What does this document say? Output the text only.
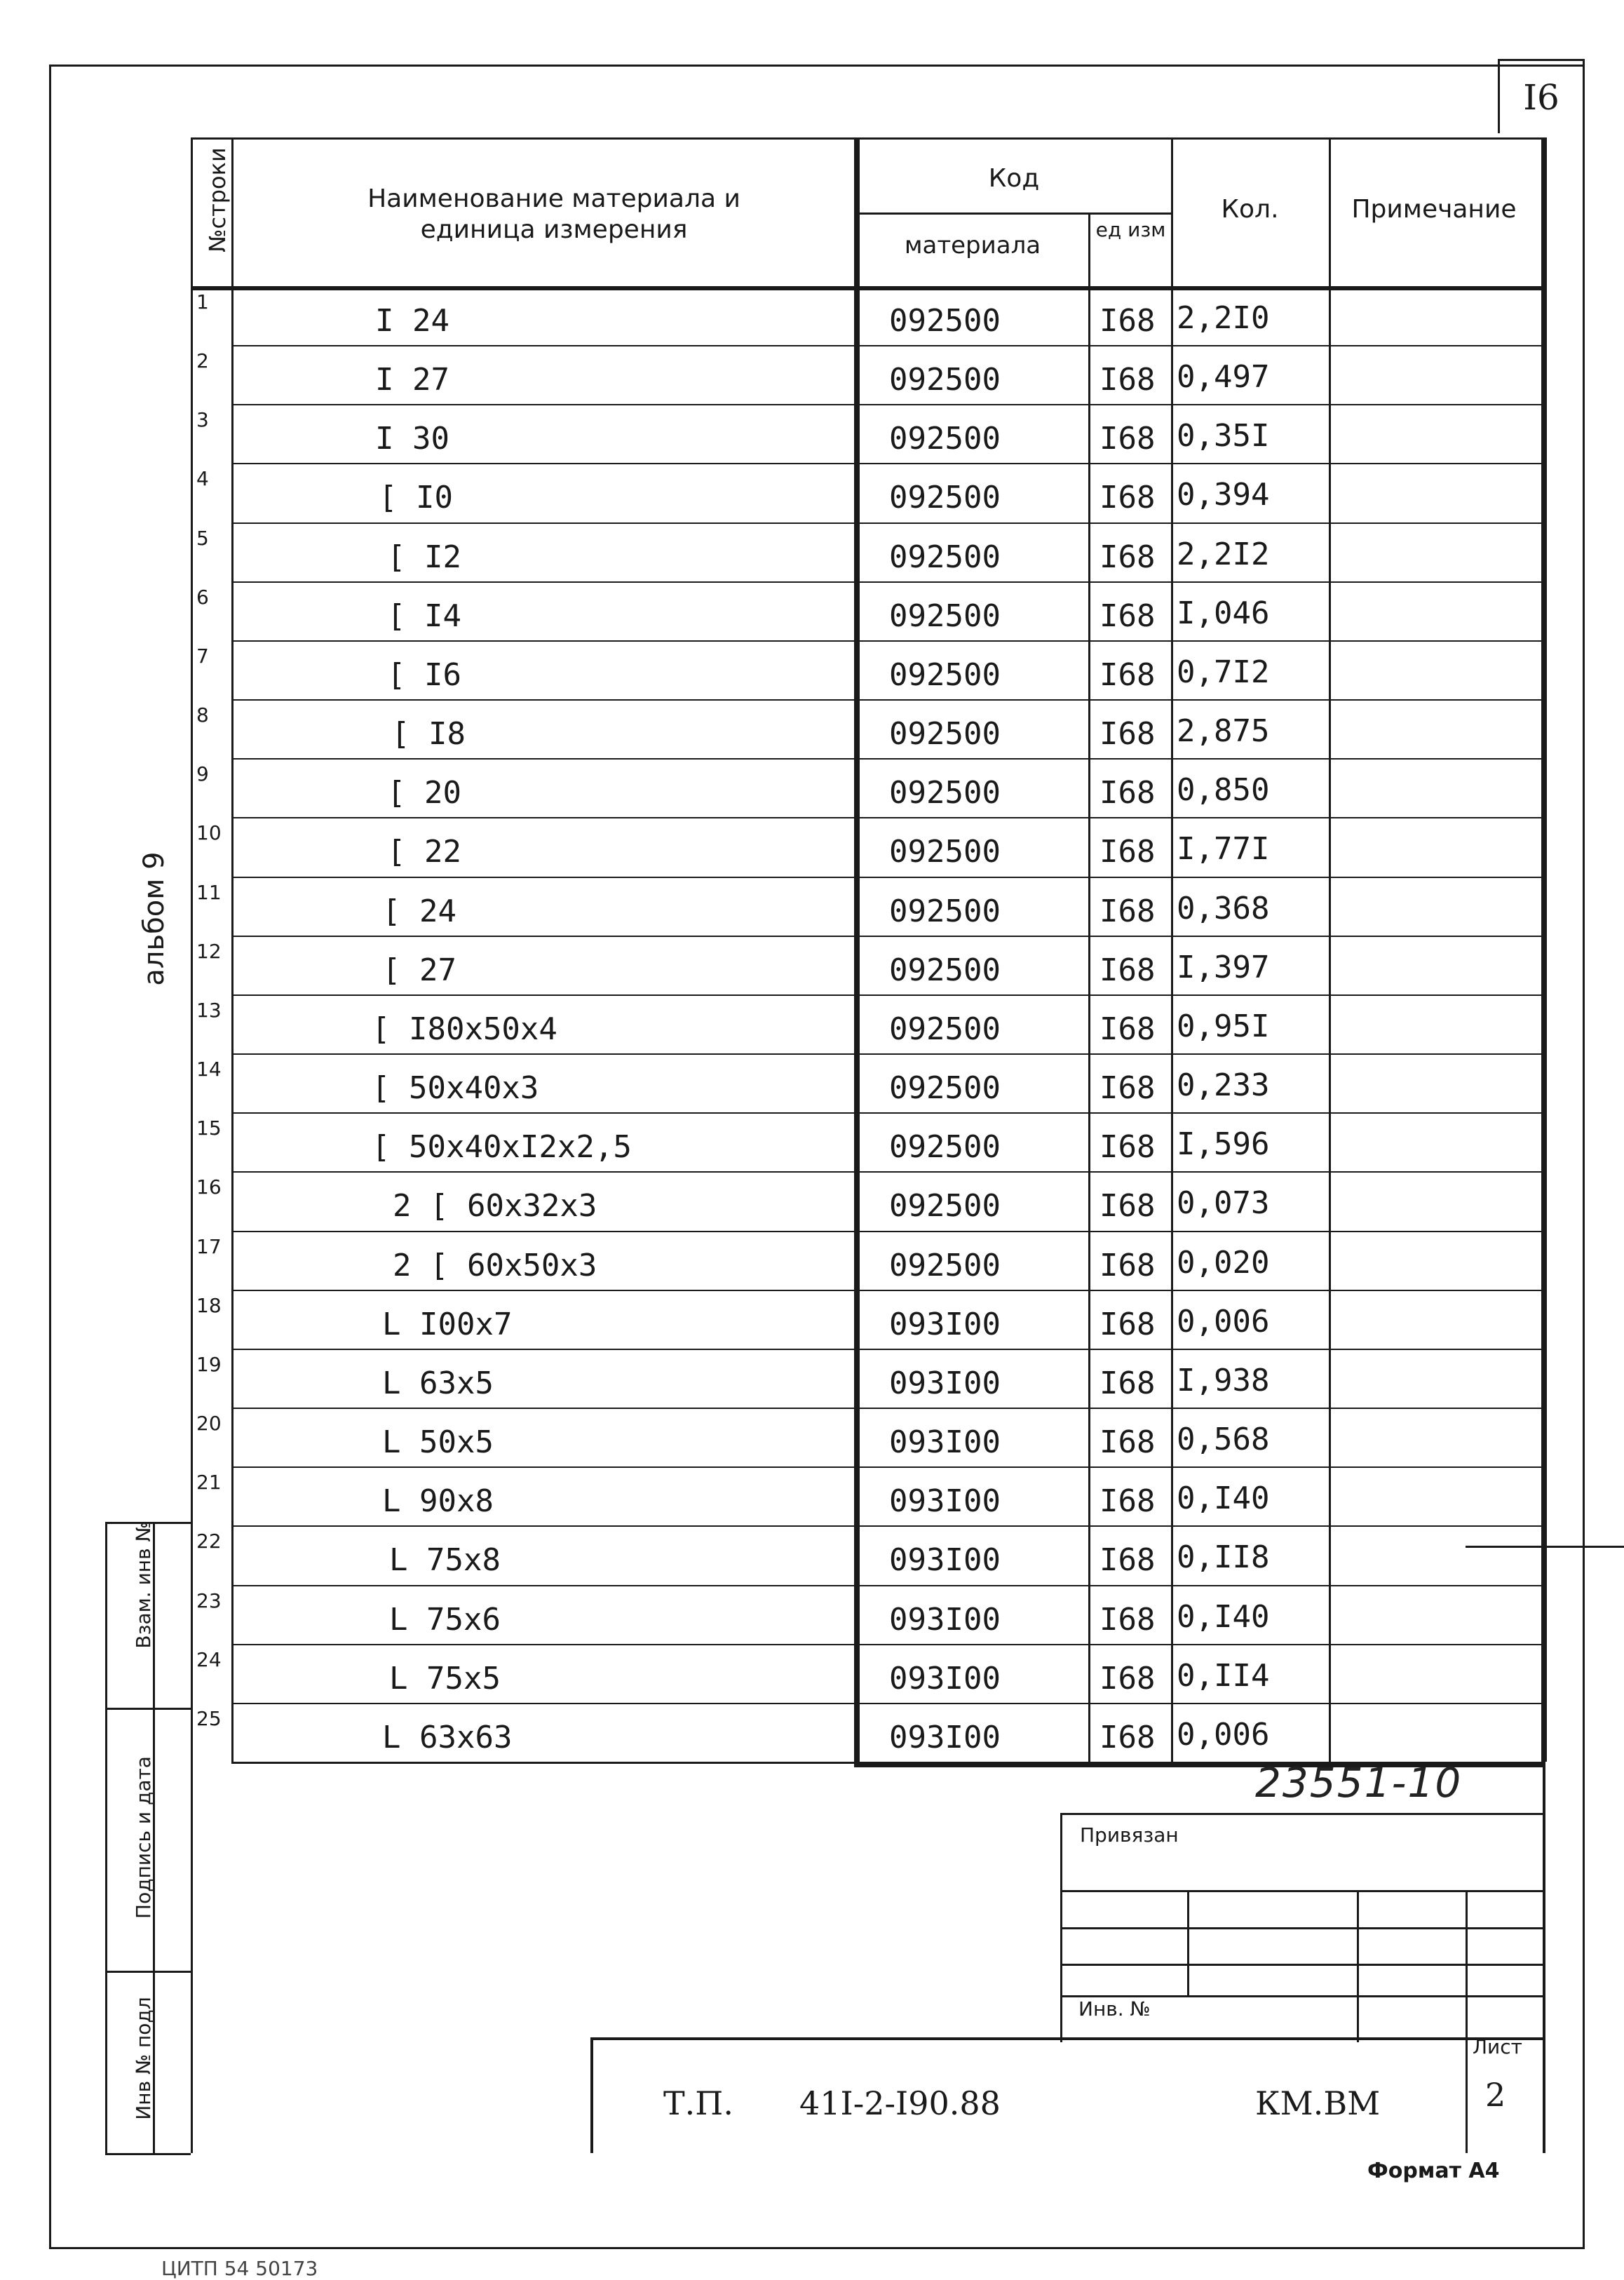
I6
альбом 9
№строки	Наименование материала и единица измерения
Код
материала
ед изм
Кол.	Примечание
1
I 24	092500	I68 2,2I0
2
I 27	092500	I68 0,497
3
I 30	092500	I68 0,35I
4
[ I0	092500	I68 0,394
5
[ I2	092500	I68 2,2I2
6
[ I4	092500	I68 I,046
7
[ I6	092500	I68 0,7I2
8
[ I8	092500	I68 2,875
9
[ 20	092500	I68 0,850
10
[ 22	092500	I68 I,77I
11
[ 24	092500	I68 0,368
12
[ 27	092500	I68 I,397
13
[ I80x50x4	092500	I68 0,95I
14
[ 50x40x3	092500	I68 0,233
15
[ 50x40xI2x2,5	092500	I68 I,596
16
2 [ 60x32x3	092500	I68 0,073
17
2 [ 60x50x3	092500	I68 0,020
18
L I00x7	093I00	I68 0,006
19
L 63x5	093I00	I68 I,938
20
L 50x5	093I00	I68 0,568
21
L 90x8	093I00	I68 0,I40
22
L 75x8	093I00	I68 0,II8
23
L 75x6	093I00	I68 0,I40
24
L 75x5	093I00	I68 0,II4
25
L 63x63	093I00	I68 0,006
Взам. инв №
Подпись и дата
Инв № подл
23551-10
Привязан
Инв. №
Т.П. 41I-2-I90.88	КМ.ВМ
Лист
2
Формат А4
ЦИТП 54 50173
